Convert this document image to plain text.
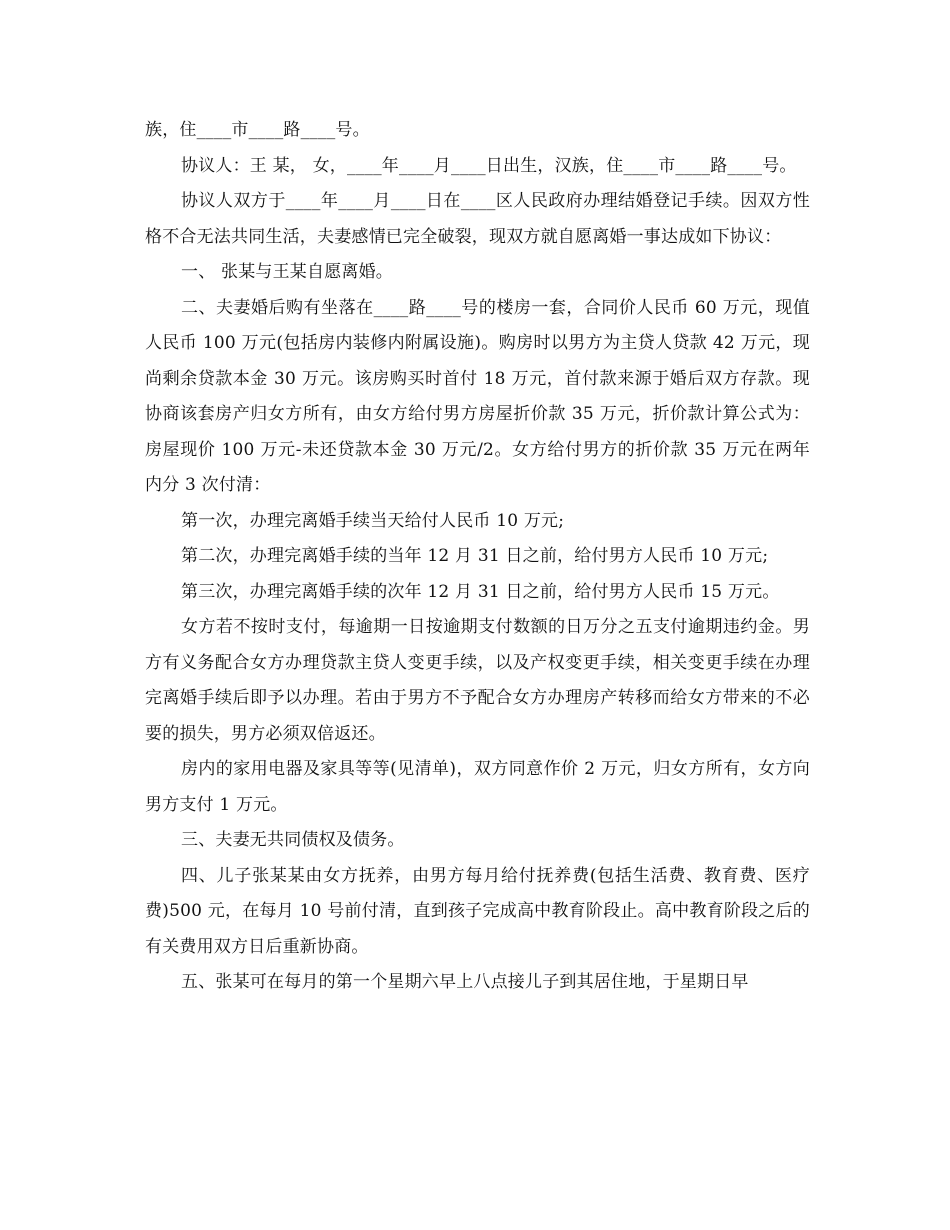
族，住____市____路____号。

协议人：王 某， 女，____年____月____日出生，汉族，住____市____路____号。

协议人双方于____年____月____日在____区人民政府办理结婚登记手续。因双方性格不合无法共同生活，夫妻感情已完全破裂，现双方就自愿离婚一事达成如下协议：

一、 张某与王某自愿离婚。

二、夫妻婚后购有坐落在____路____号的楼房一套，合同价人民币 60 万元，现值人民币 100 万元(包括房内装修内附属设施)。购房时以男方为主贷人贷款 42 万元，现尚剩余贷款本金 30 万元。该房购买时首付 18 万元，首付款来源于婚后双方存款。现协商该套房产归女方所有，由女方给付男方房屋折价款 35 万元，折价款计算公式为：房屋现价 100 万元-未还贷款本金 30 万元/2。女方给付男方的折价款 35 万元在两年内分 3 次付清：

第一次，办理完离婚手续当天给付人民币 10 万元;

第二次，办理完离婚手续的当年 12 月 31 日之前，给付男方人民币 10 万元;

第三次，办理完离婚手续的次年 12 月 31 日之前，给付男方人民币 15 万元。

女方若不按时支付，每逾期一日按逾期支付数额的日万分之五支付逾期违约金。男方有义务配合女方办理贷款主贷人变更手续，以及产权变更手续，相关变更手续在办理完离婚手续后即予以办理。若由于男方不予配合女方办理房产转移而给女方带来的不必要的损失，男方必须双倍返还。

房内的家用电器及家具等等(见清单)，双方同意作价 2 万元，归女方所有，女方向男方支付 1 万元。

三、夫妻无共同债权及债务。

四、儿子张某某由女方抚养，由男方每月给付抚养费(包括生活费、教育费、医疗费)500 元，在每月 10 号前付清，直到孩子完成高中教育阶段止。高中教育阶段之后的有关费用双方日后重新协商。

五、张某可在每月的第一个星期六早上八点接儿子到其居住地，于星期日早
